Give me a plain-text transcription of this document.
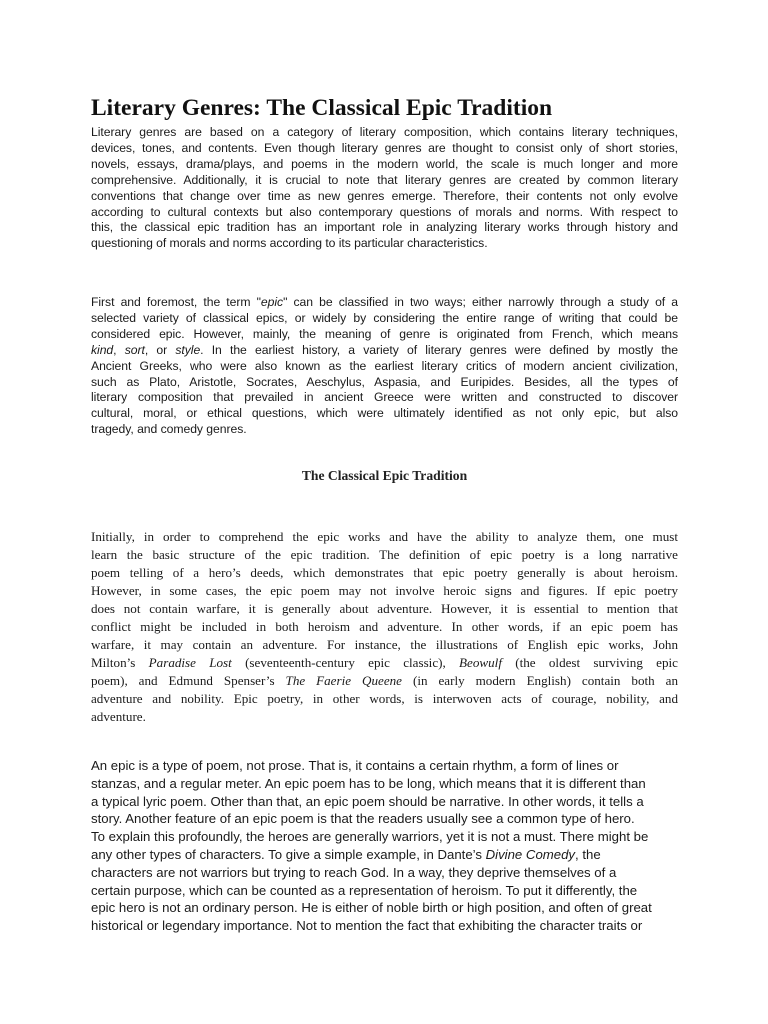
Literary Genres: The Classical Epic Tradition
Literary genres are based on a category of literary composition, which contains literary techniques,
devices, tones, and contents. Even though literary genres are thought to consist only of short stories,
novels, essays, drama/plays, and poems in the modern world, the scale is much longer and more
comprehensive. Additionally, it is crucial to note that literary genres are created by common literary
conventions that change over time as new genres emerge. Therefore, their contents not only evolve
according to cultural contexts but also contemporary questions of morals and norms. With respect to
this, the classical epic tradition has an important role in analyzing literary works through history and
questioning of morals and norms according to its particular characteristics.
First and foremost, the term "epic" can be classified in two ways; either narrowly through a study of a
selected variety of classical epics, or widely by considering the entire range of writing that could be
considered epic. However, mainly, the meaning of genre is originated from French, which means
kind, sort, or style. In the earliest history, a variety of literary genres were defined by mostly the
Ancient Greeks, who were also known as the earliest literary critics of modern ancient civilization,
such as Plato, Aristotle, Socrates, Aeschylus, Aspasia, and Euripides. Besides, all the types of
literary composition that prevailed in ancient Greece were written and constructed to discover
cultural, moral, or ethical questions, which were ultimately identified as not only epic, but also
tragedy, and comedy genres.
The Classical Epic Tradition
Initially, in order to comprehend the epic works and have the ability to analyze them, one must
learn the basic structure of the epic tradition. The definition of epic poetry is a long narrative
poem telling of a hero’s deeds, which demonstrates that epic poetry generally is about heroism.
However, in some cases, the epic poem may not involve heroic signs and figures. If epic poetry
does not contain warfare, it is generally about adventure. However, it is essential to mention that
conflict might be included in both heroism and adventure. In other words, if an epic poem has
warfare, it may contain an adventure. For instance, the illustrations of English epic works, John
Milton’s Paradise Lost (seventeenth-century epic classic), Beowulf (the oldest surviving epic
poem), and Edmund Spenser’s The Faerie Queene (in early modern English) contain both an
adventure and nobility. Epic poetry, in other words, is interwoven acts of courage, nobility, and
adventure.
An epic is a type of poem, not prose. That is, it contains a certain rhythm, a form of lines or
stanzas, and a regular meter. An epic poem has to be long, which means that it is different than
a typical lyric poem. Other than that, an epic poem should be narrative. In other words, it tells a
story. Another feature of an epic poem is that the readers usually see a common type of hero.
To explain this profoundly, the heroes are generally warriors, yet it is not a must. There might be
any other types of characters. To give a simple example, in Dante’s Divine Comedy, the
characters are not warriors but trying to reach God. In a way, they deprive themselves of a
certain purpose, which can be counted as a representation of heroism. To put it differently, the
epic hero is not an ordinary person. He is either of noble birth or high position, and often of great
historical or legendary importance. Not to mention the fact that exhibiting the character traits or
